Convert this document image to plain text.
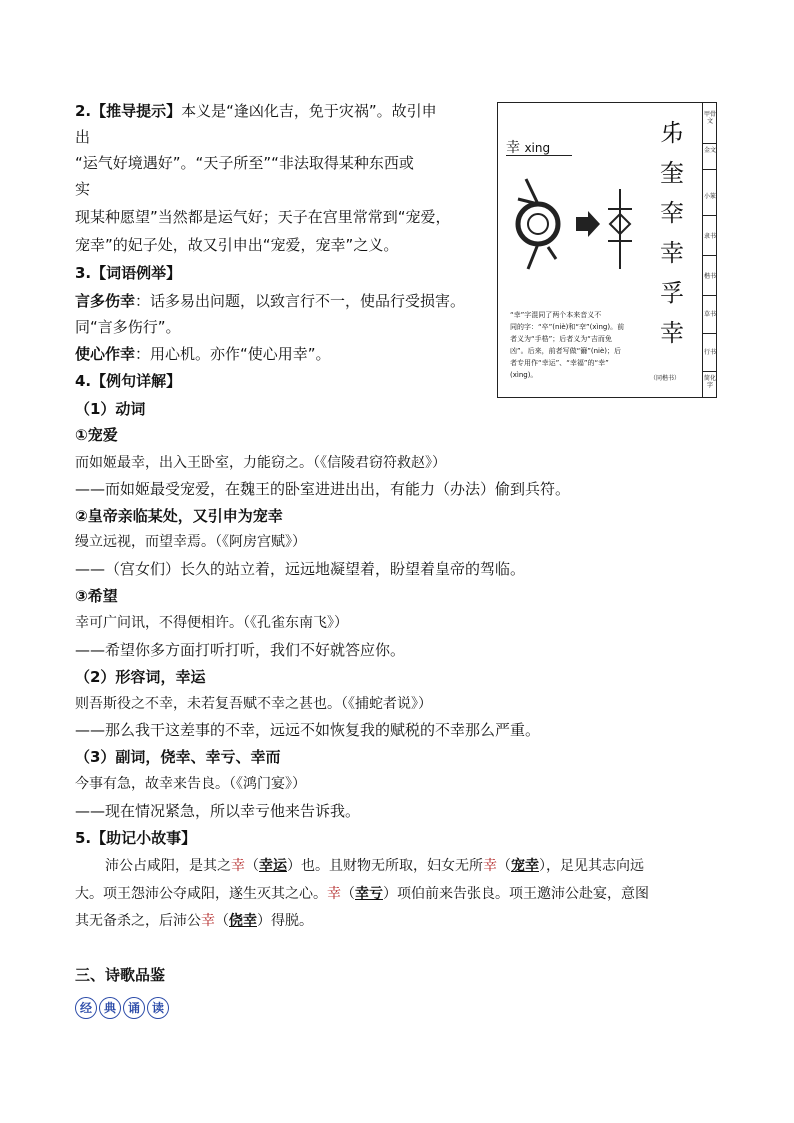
2.【推导提示】本义是“逢凶化吉，免于灾祸”。故引申
出
“运气好境遇好”。“天子所至”“非法取得某种东西或
实
现某种愿望”当然都是运气好；天子在宫里常常到“宠爱，
宠幸”的妃子处，故又引申出“宠爱，宠幸”之义。
3.【词语例举】
言多伤幸：话多易出问题，以致言行不一，使品行受损害。
同“言多伤行”。
使心作幸：用心机。亦作“使心用幸”。
4.【例句详解】
（1）动词
①宠爱
而如姬最幸，出入王卧室，力能窃之。（《信陵君窃符救赵》）
——而如姬最受宠爱，在魏王的卧室进进出出，有能力（办法）偷到兵符。
②皇帝亲临某处，又引申为宠幸
缦立远视，而望幸焉。（《阿房宫赋》）
——（宫女们）长久的站立着，远远地凝望着，盼望着皇帝的驾临。
③希望
幸可广问讯，不得便相许。（《孔雀东南飞》）
——希望你多方面打听打听，我们不好就答应你。
（2）形容词，幸运
则吾斯役之不幸，未若复吾赋不幸之甚也。（《捕蛇者说》）
——那么我干这差事的不幸，远远不如恢复我的赋税的不幸那么严重。
（3）副词，侥幸、幸亏、幸而
今事有急，故幸来告良。（《鸿门宴》）
——现在情况紧急，所以幸亏他来告诉我。
5.【助记小故事】
沛公占咸阳，是其之幸（幸运）也。且财物无所取，妇女无所幸（宠幸），足见其志向远
大。项王怨沛公夺咸阳，遂生灭其之心。幸（幸亏）项伯前来告张良。项王邀沛公赴宴，意图
其无备杀之，后沛公幸（侥幸）得脱。
三、诗歌品鉴
经 典 诵 读
幸 xing
“幸”字混同了两个本来音义不
同的字：“卒”(niè)和“㚔”(xìng)。前
者义为“手梏”；后者义为“吉而免
凶”。后来，前者写做“籋”(niè)；后
者专用作“幸运”、“幸福”的“幸”
(xìng)。
𠂔
奎
㚔
幸
孚
幸
（同楷书）
甲骨文
金文
小篆
隶书
楷书
草书
行书
简化字
